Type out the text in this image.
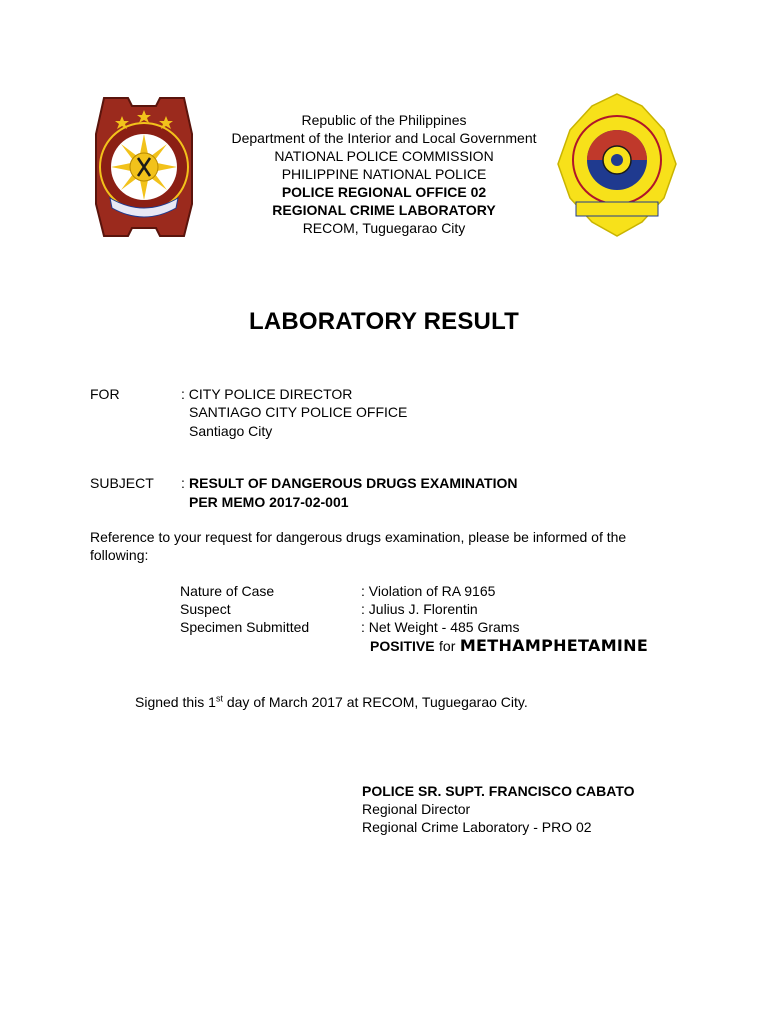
Republic of the Philippines
Department of the Interior and Local Government
NATIONAL POLICE COMMISSION
PHILIPPINE NATIONAL POLICE
POLICE REGIONAL OFFICE 02
REGIONAL CRIME LABORATORY
RECOM, Tuguegarao City
LABORATORY RESULT
FOR	: CITY POLICE DIRECTOR
SANTIAGO CITY POLICE OFFICE
Santiago City
SUBJECT : RESULT OF DANGEROUS DRUGS EXAMINATION
PER MEMO 2017-02-001
Reference to your request for dangerous drugs examination, please be informed of the
following:
Nature of Case	: Violation of RA 9165
Suspect	: Julius J. Florentin
Specimen Submitted	: Net Weight - 485 Grams
POSITIVE for METHAMPHETAMINE
Signed this 1st day of March 2017 at RECOM, Tuguegarao City.
POLICE SR. SUPT. FRANCISCO CABATO
Regional Director
Regional Crime Laboratory - PRO 02
